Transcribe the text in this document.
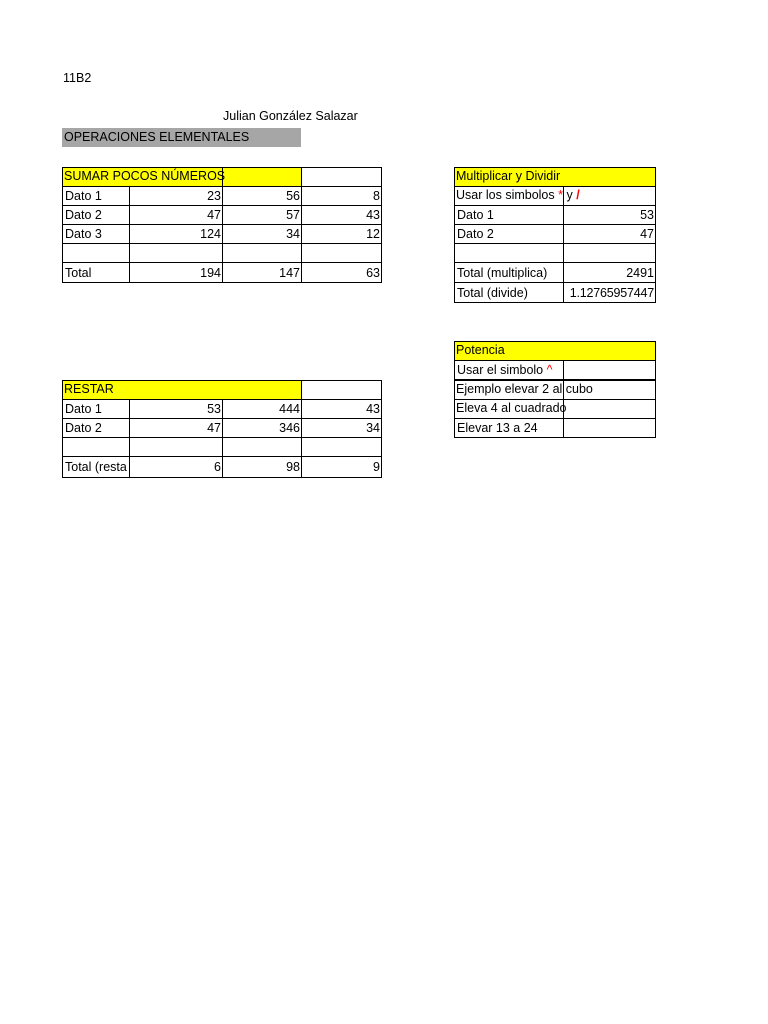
11B2
Julian González Salazar
OPERACIONES ELEMENTALES
SUMAR POCOS NÚMEROS
Dato 1	23	56	8
Dato 2	47	57	43
Dato 3	124	34	12
Total	194	147	63
RESTAR
Dato 1	53	444	43
Dato 2	47	346	34
Total (resta	6	98	9
Multiplicar y Dividir
Usar los simbolos * y /
Dato 1	53
Dato 2	47
Total (multiplica)	2491
Total (divide)	1.12765957447
Potencia
Usar el simbolo ^
Ejemplo elevar 2 al cubo
Eleva 4 al cuadrado
Elevar 13 a 24
